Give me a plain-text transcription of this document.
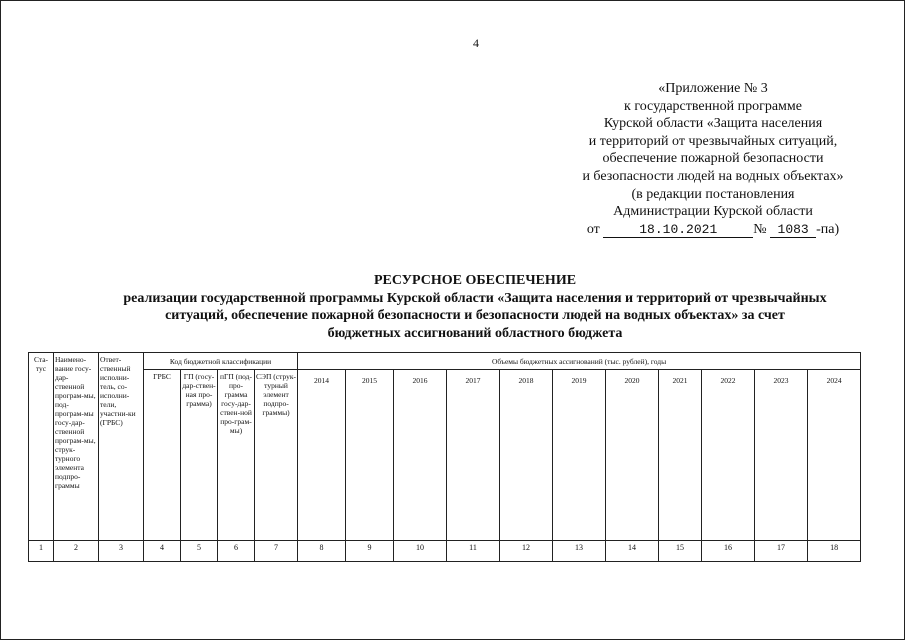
4
«Приложение № 3
к государственной программе
Курской области «Защита населения
и территорий от чрезвычайных ситуаций,
обеспечение пожарной безопасности
и безопасности людей на водных объектах»
(в редакции постановления
Администрации Курской области
от	18.10.2021	№ 1083 -па)
РЕСУРСНОЕ ОБЕСПЕЧЕНИЕ
реализации государственной программы Курской области «Защита населения и территорий от чрезвычайных
ситуаций, обеспечение пожарной безопасности и безопасности людей на водных объектах» за счет
бюджетных ассигнований областного бюджета
Ста-тус	Наимено-вание госу-дар-ственной програм-мы, под-програм-мы госу-дар-ственной програм-мы, струк-турного элемента подпро-граммы	Ответ-ственный исполни-тель, со-исполни-тели, участни-ки (ГРБС)	Код бюджетной классификации				Объемы бюджетных ассигнований (тыс. рублей), годы										
			ГРБС	ГП (госу-дар-ствен-ная про-грамма)	пГП (под-про-грамма госу-дар-ствен-ной про-грам-мы)	СЭП (струк-турный элемент подпро-граммы)	2014	2015	2016	2017	2018	2019	2020	2021	2022	2023	2024
1	2	3	4	5	6	7	8	9	10	11	12	13	14	15	16	17	18
